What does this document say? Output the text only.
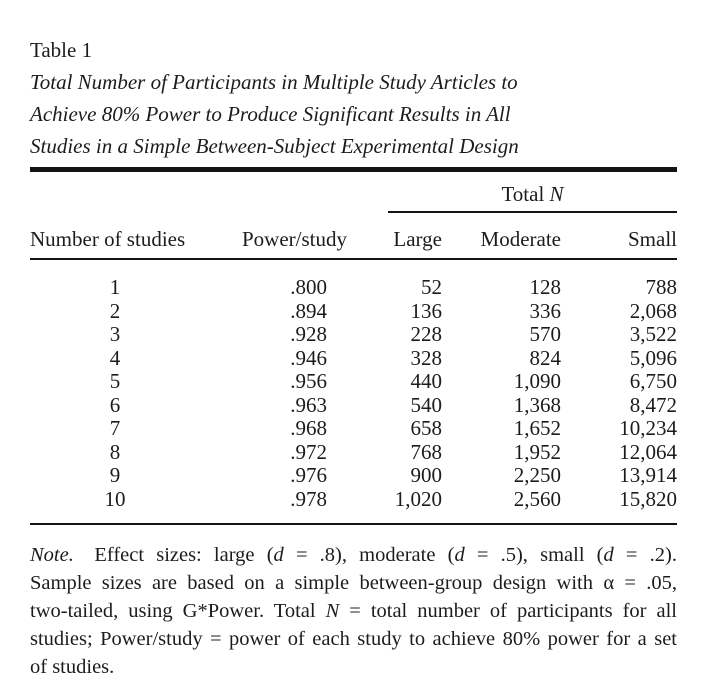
Table 1
Total Number of Participants in Multiple Study Articles to
Achieve 80% Power to Produce Significant Results in All
Studies in a Simple Between-Subject Experimental Design

		Total N		

Number of studies	Power/study	Large	Moderate	Small
1	.800	52	128	788
2	.894	136	336	2,068
3	.928	228	570	3,522
4	.946	328	824	5,096
5	.956	440	1,090	6,750
6	.963	540	1,368	8,472
7	.968	658	1,652	10,234
8	.972	768	1,952	12,064
9	.976	900	2,250	13,914
10	.978	1,020	2,560	15,820
Note. Effect sizes: large (d = .8), moderate (d = .5), small (d = .2).
Sample sizes are based on a simple between-group design with α = .05,
two-tailed, using G*Power. Total N = total number of participants for all
studies; Power/study = power of each study to achieve 80% power for a set
of studies.
